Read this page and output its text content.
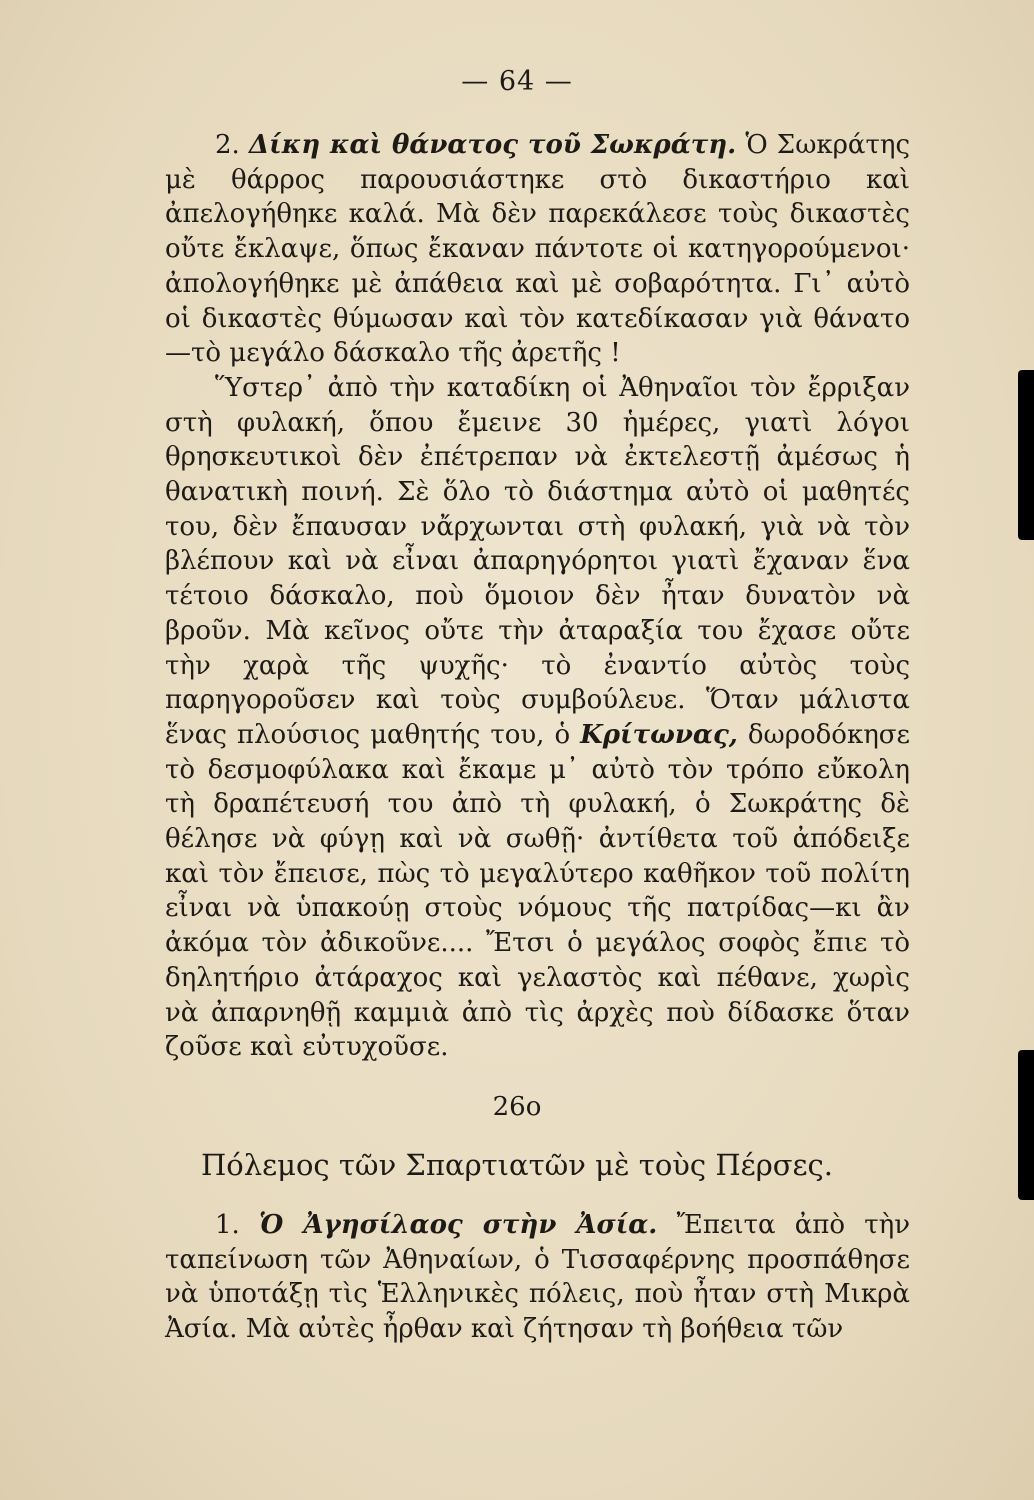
— 64 —

2. Δίκη καὶ θάνατος τοῦ Σωκράτη. Ὁ Σωκράτης μὲ θάρρος παρουσιάστηκε στὸ δικαστήριο καὶ ἀπελογήθηκε καλά. Μὰ δὲν παρεκάλεσε τοὺς δικαστὲς οὔτε ἔκλαψε, ὅπως ἔκαναν πάντοτε οἱ κατηγορούμενοι· ἀπολογήθηκε μὲ ἀπάθεια καὶ μὲ σοβαρότητα. Γι᾽ αὐτὸ οἱ δικαστὲς θύμωσαν καὶ τὸν κατεδίκασαν γιὰ θάνατο—τὸ μεγάλο δάσκαλο τῆς ἀρετῆς !

Ὕστερ᾽ ἀπὸ τὴν καταδίκη οἱ Ἀθηναῖοι τὸν ἔρριξαν στὴ φυλακή, ὅπου ἔμεινε 30 ἡμέρες, γιατὶ λόγοι θρησκευτικοὶ δὲν ἐπέτρεπαν νὰ ἐκτελεστῇ ἀμέσως ἡ θανατικὴ ποινή. Σὲ ὅλο τὸ διάστημα αὐτὸ οἱ μαθητές του, δὲν ἔπαυσαν νἄρχωνται στὴ φυλακή, γιὰ νὰ τὸν βλέπουν καὶ νὰ εἶναι ἀπαρηγόρητοι γιατὶ ἔχαναν ἕνα τέτοιο δάσκαλο, ποὺ ὅμοιον δὲν ἦταν δυνατὸν νὰ βροῦν. Μὰ κεῖνος οὔτε τὴν ἀταραξία του ἔχασε οὔτε τὴν χαρὰ τῆς ψυχῆς· τὸ ἐναντίο αὐτὸς τοὺς παρηγοροῦσεν καὶ τοὺς συμβούλευε. Ὅταν μάλιστα ἕνας πλούσιος μαθητής του, ὁ Κρίτωνας, δωροδόκησε τὸ δεσμοφύλακα καὶ ἔκαμε μ᾽ αὐτὸ τὸν τρόπο εὔκολη τὴ δραπέτευσή του ἀπὸ τὴ φυλακή, ὁ Σωκράτης δὲ θέλησε νὰ φύγῃ καὶ νὰ σωθῇ· ἀντίθετα τοῦ ἀπόδειξε καὶ τὸν ἔπεισε, πὼς τὸ μεγαλύτερο καθῆκον τοῦ πολίτη εἶναι νὰ ὑπακούῃ στοὺς νόμους τῆς πατρίδας—κι ἂν ἀκόμα τὸν ἀδικοῦνε.... Ἔτσι ὁ μεγάλος σοφὸς ἔπιε τὸ δηλητήριο ἀτάραχος καὶ γελαστὸς καὶ πέθανε, χωρὶς νὰ ἀπαρνηθῇ καμμιὰ ἀπὸ τὶς ἀρχὲς ποὺ δίδασκε ὅταν ζοῦσε καὶ εὐτυχοῦσε.

26ο
Πόλεμος τῶν Σπαρτιατῶν μὲ τοὺς Πέρσες.

1. Ὁ Ἀγησίλαος στὴν Ἀσία. Ἔπειτα ἀπὸ τὴν ταπείνωση τῶν Ἀθηναίων, ὁ Τισσαφέρνης προσπάθησε νὰ ὑποτάξῃ τὶς Ἑλληνικὲς πόλεις, ποὺ ἦταν στὴ Μικρὰ Ἀσία. Μὰ αὐτὲς ἦρθαν καὶ ζήτησαν τὴ βοήθεια τῶν
